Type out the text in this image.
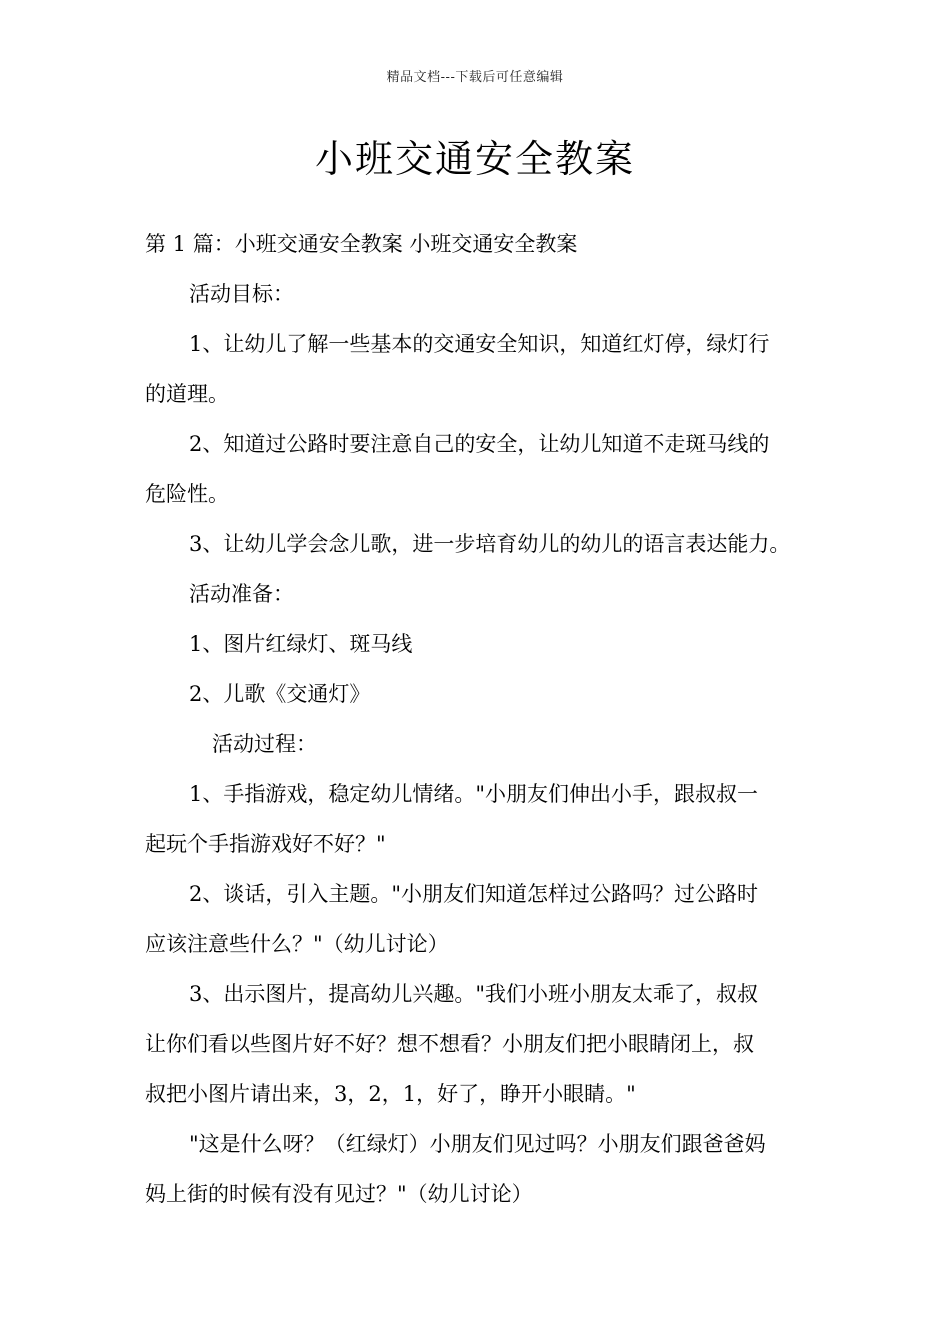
精品文档---下载后可任意编辑
小班交通安全教案

第 1 篇：小班交通安全教案 小班交通安全教案

活动目标：

1、让幼儿了解一些基本的交通安全知识，知道红灯停，绿灯行

的道理。

2、知道过公路时要注意自己的安全，让幼儿知道不走斑马线的

危险性。

3、让幼儿学会念儿歌，进一步培育幼儿的幼儿的语言表达能力。

活动准备：

1、图片红绿灯、斑马线

2、儿歌《交通灯》

活动过程：

1、手指游戏，稳定幼儿情绪。"小朋友们伸出小手，跟叔叔一

起玩个手指游戏好不好？"

2、谈话，引入主题。"小朋友们知道怎样过公路吗？过公路时

应该注意些什么？"（幼儿讨论）

3、出示图片，提高幼儿兴趣。"我们小班小朋友太乖了，叔叔

让你们看以些图片好不好？想不想看？小朋友们把小眼睛闭上，叔

叔把小图片请出来，3，2，1，好了，睁开小眼睛。"

"这是什么呀？（红绿灯）小朋友们见过吗？小朋友们跟爸爸妈

妈上街的时候有没有见过？"（幼儿讨论）
